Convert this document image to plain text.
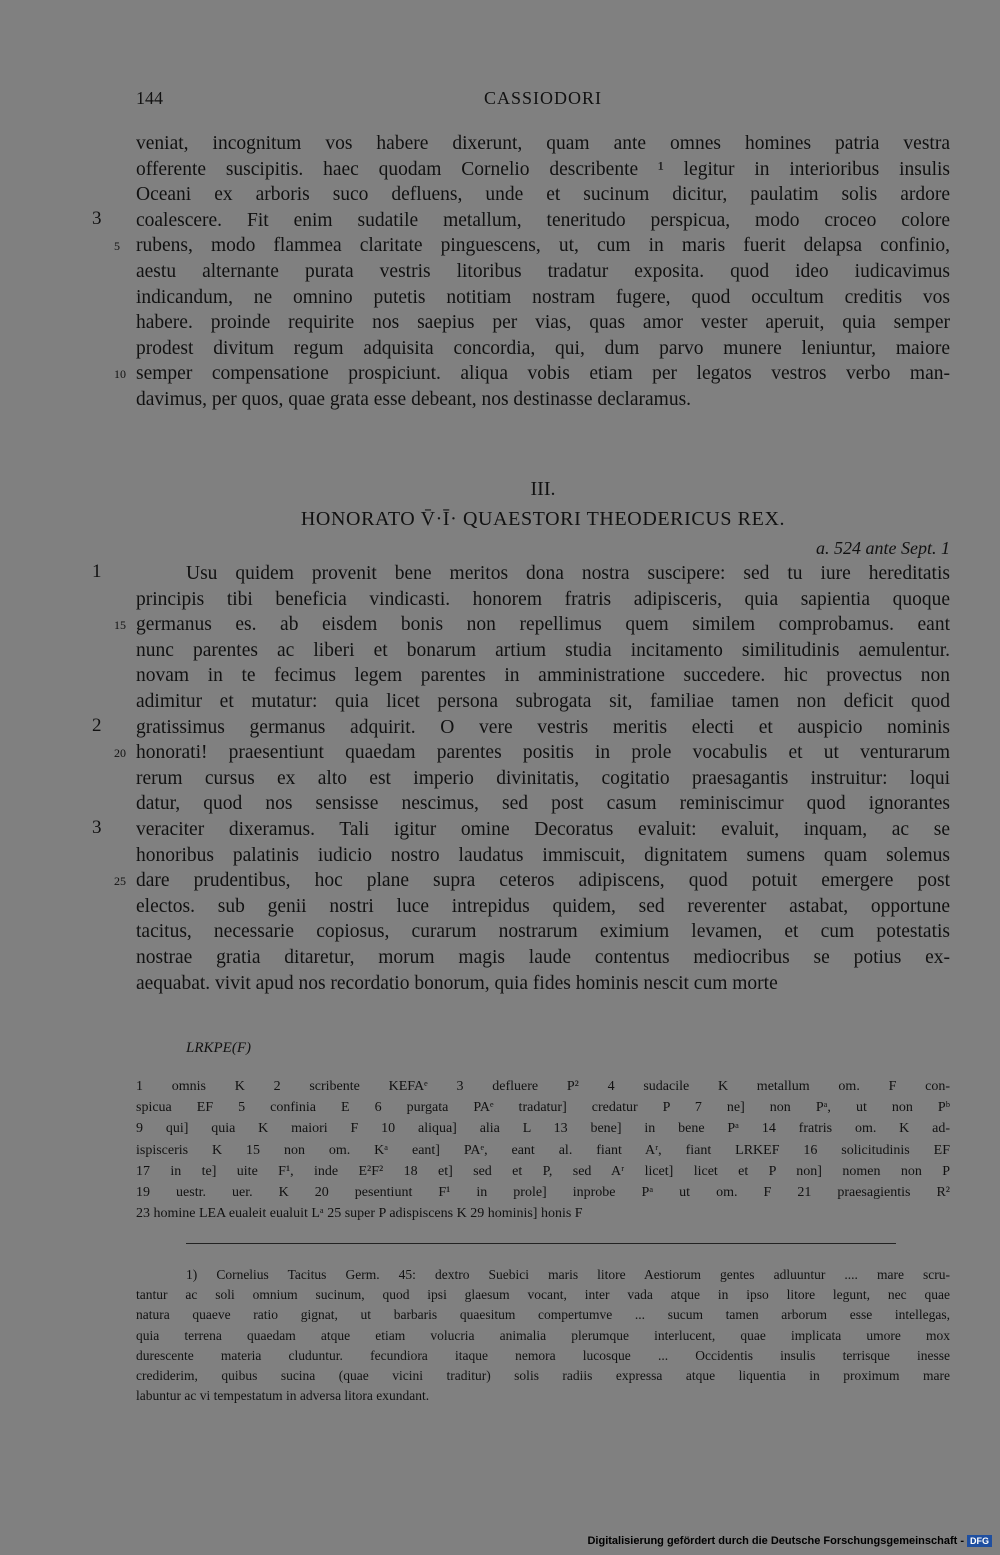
144	CASSIODORI
veniat, incognitum vos habere dixerunt, quam ante omnes homines patria vestra
offerente suscipitis. haec quodam Cornelio describente ¹ legitur in interioribus insulis
Oceani ex arboris suco defluens, unde et sucinum dicitur, paulatim solis ardore
coalescere. Fit enim sudatile metallum, teneritudo perspicua, modo croceo colore
rubens, modo flammea claritate pinguescens, ut, cum in maris fuerit delapsa confinio,
aestu alternante purata vestris litoribus tradatur exposita. quod ideo iudicavimus
indicandum, ne omnino putetis notitiam nostram fugere, quod occultum creditis vos
habere. proinde requirite nos saepius per vias, quas amor vester aperuit, quia semper
prodest divitum regum adquisita concordia, qui, dum parvo munere leniuntur, maiore
semper compensatione prospiciunt. aliqua vobis etiam per legatos vestros verbo man-
davimus, per quos, quae grata esse debeant, nos destinasse declaramus.
3
5
10
III.
HONORATO V̄·Ī· QUAESTORI THEODERICUS REX.
a. 524 ante Sept. 1
Usu quidem provenit bene meritos dona nostra suscipere: sed tu iure hereditatis
principis tibi beneficia vindicasti. honorem fratris adipisceris, quia sapientia quoque
germanus es. ab eisdem bonis non repellimus quem similem comprobamus. eant
nunc parentes ac liberi et bonarum artium studia incitamento similitudinis aemulentur.
novam in te fecimus legem parentes in amministratione succedere. hic provectus non
adimitur et mutatur: quia licet persona subrogata sit, familiae tamen non deficit quod
gratissimus germanus adquirit. O vere vestris meritis electi et auspicio nominis
honorati! praesentiunt quaedam parentes positis in prole vocabulis et ut venturarum
rerum cursus ex alto est imperio divinitatis, cogitatio praesagantis instruitur: loqui
datur, quod nos sensisse nescimus, sed post casum reminiscimur quod ignorantes
veraciter dixeramus. Tali igitur omine Decoratus evaluit: evaluit, inquam, ac se
honoribus palatinis iudicio nostro laudatus immiscuit, dignitatem sumens quam solemus
dare prudentibus, hoc plane supra ceteros adipiscens, quod potuit emergere post
electos. sub genii nostri luce intrepidus quidem, sed reverenter astabat, opportune
tacitus, necessarie copiosus, curarum nostrarum eximium levamen, et cum potestatis
nostrae gratia ditaretur, morum magis laude contentus mediocribus se potius ex-
aequabat. vivit apud nos recordatio bonorum, quia fides hominis nescit cum morte
1
15
2
20
3
25
LRKPE(F)
1 omnis K 2 scribente KEFAᵉ 3 defluere P² 4 sudacile K metallum om. F con-
spicua EF 5 confinia E 6 purgata PAᵉ tradatur] credatur P 7 ne] non Pᵃ, ut non Pᵇ
9 qui] quia K maiori F 10 aliqua] alia L 13 bene] in bene Pᵃ 14 fratris om. K ad-
ispisceris K 15 non om. Kᵃ eant] PAᵉ, eant al. fiant Aʳ, fiant LRKEF 16 solicitudinis EF
17 in te] uite F¹, inde E²F² 18 et] sed et P, sed Aʳ licet] licet et P non] nomen non P
19 uestr. uer. K 20 pesentiunt F¹ in prole] inprobe Pᵃ ut om. F 21 praesagientis R²
23 homine LEA eualeit eualuit Lᵃ 25 super P adispiscens K 29 hominis] honis F
1) Cornelius Tacitus Germ. 45: dextro Suebici maris litore Aestiorum gentes adluuntur .... mare scru-
tantur ac soli omnium sucinum, quod ipsi glaesum vocant, inter vada atque in ipso litore legunt, nec quae
natura quaeve ratio gignat, ut barbaris quaesitum compertumve ... sucum tamen arborum esse intellegas,
quia terrena quaedam atque etiam volucria animalia plerumque interlucent, quae implicata umore mox
durescente materia cluduntur. fecundiora itaque nemora lucosque ... Occidentis insulis terrisque inesse
crediderim, quibus sucina (quae vicini traditur) solis radiis expressa atque liquentia in proximum mare
labuntur ac vi tempestatum in adversa litora exundant.
Digitalisierung gefördert durch die Deutsche Forschungsgemeinschaft - DFG
